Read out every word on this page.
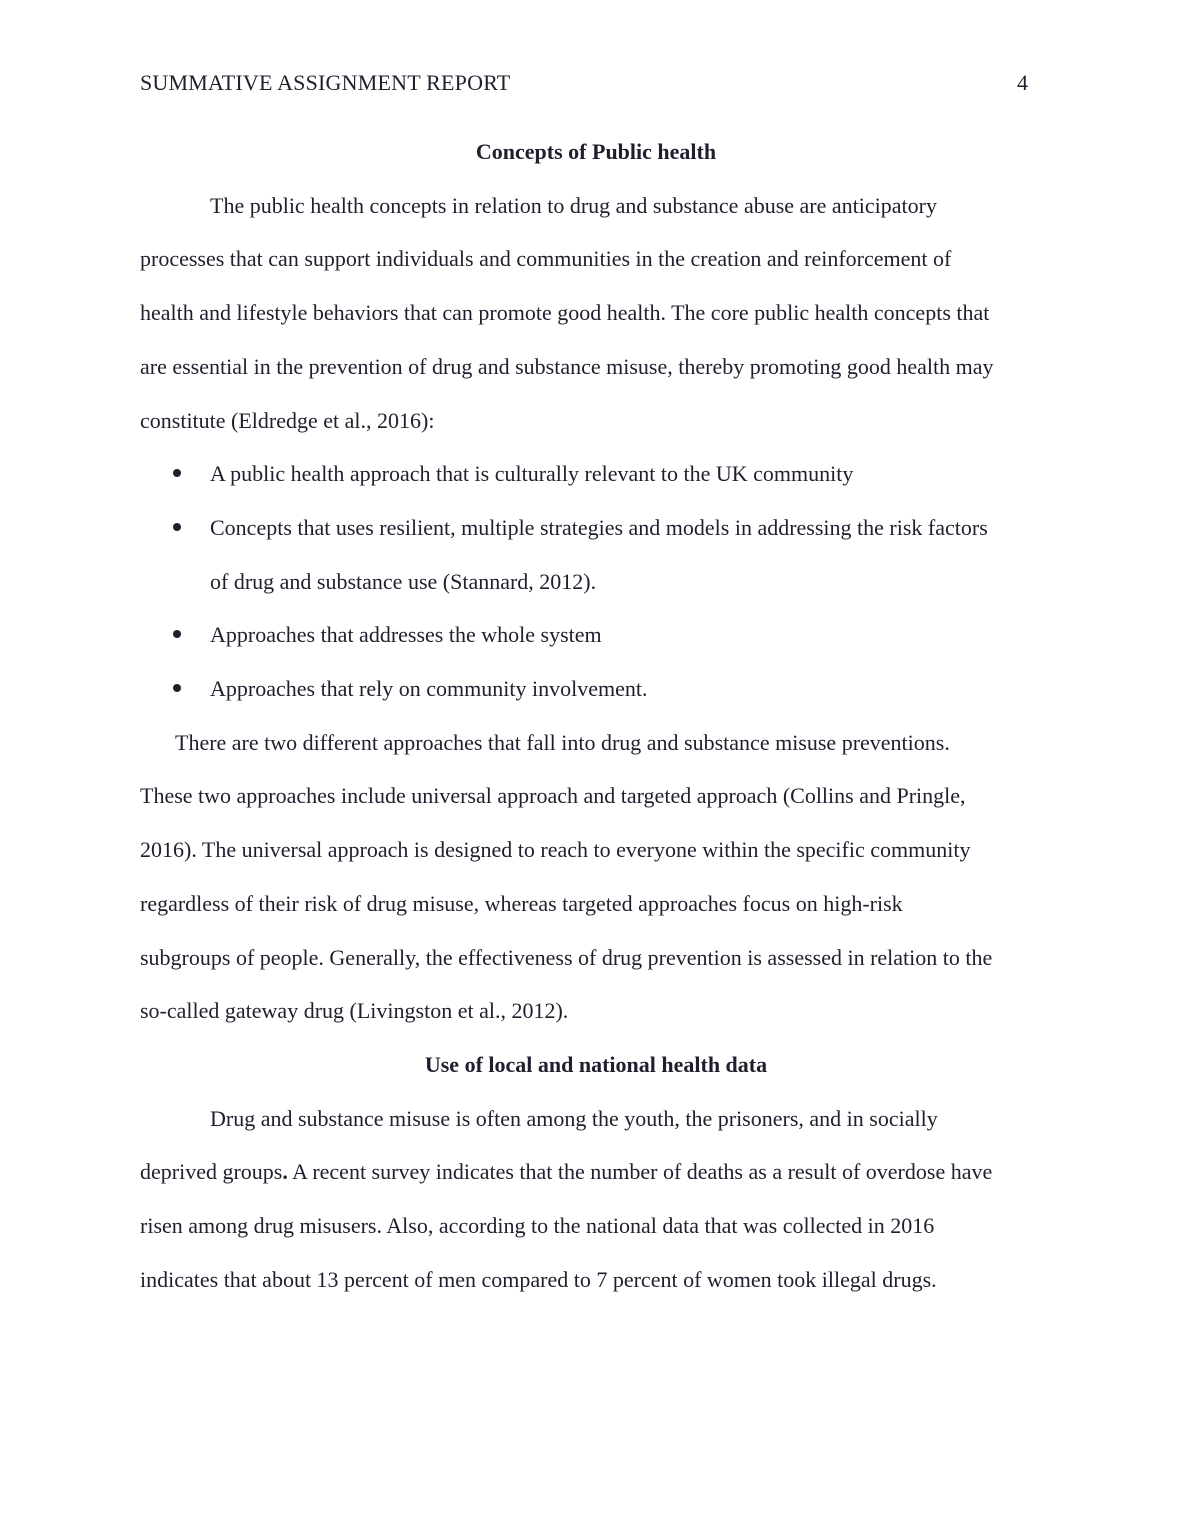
SUMMATIVE ASSIGNMENT REPORT	4

Concepts of Public health

The public health concepts in relation to drug and substance abuse are anticipatory
processes that can support individuals and communities in the creation and reinforcement of
health and lifestyle behaviors that can promote good health. The core public health concepts that
are essential in the prevention of drug and substance misuse, thereby promoting good health may
constitute (Eldredge et al., 2016):

A public health approach that is culturally relevant to the UK community
Concepts that uses resilient, multiple strategies and models in addressing the risk factors
of drug and substance use (Stannard, 2012).
Approaches that addresses the whole system
Approaches that rely on community involvement.

There are two different approaches that fall into drug and substance misuse preventions.
These two approaches include universal approach and targeted approach (Collins and Pringle,
2016). The universal approach is designed to reach to everyone within the specific community
regardless of their risk of drug misuse, whereas targeted approaches focus on high-risk
subgroups of people. Generally, the effectiveness of drug prevention is assessed in relation to the
so-called gateway drug (Livingston et al., 2012).

Use of local and national health data

Drug and substance misuse is often among the youth, the prisoners, and in socially
deprived groups. A recent survey indicates that the number of deaths as a result of overdose have
risen among drug misusers. Also, according to the national data that was collected in 2016
indicates that about 13 percent of men compared to 7 percent of women took illegal drugs.
